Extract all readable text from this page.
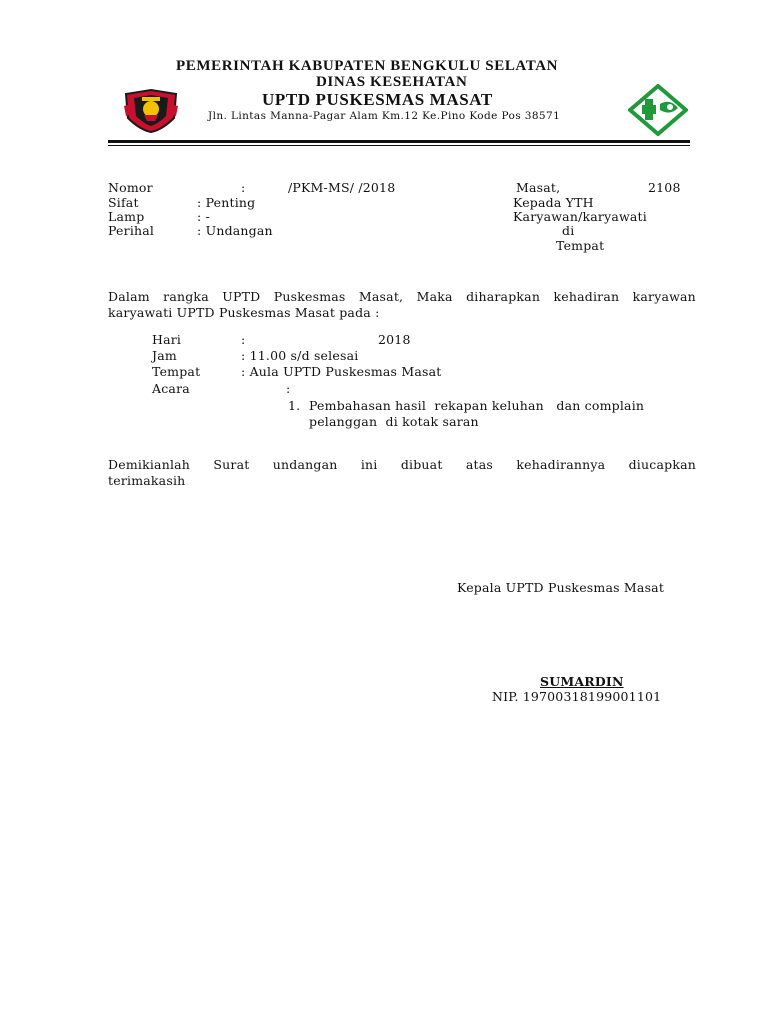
PEMERINTAH KABUPATEN BENGKULU SELATAN
DINAS KESEHATAN
UPTD PUSKESMAS MASAT
Jln. Lintas Manna-Pagar Alam Km.12 Ke.Pino Kode Pos 38571
Nomor	:	/PKM-MS/ /2018
Sifat	: Penting
Lamp	: -
Perihal	: Undangan
Masat,	2108
Kepada YTH
Karyawan/karyawati
di
Tempat
Dalam rangka UPTD Puskesmas Masat, Maka diharapkan kehadiran karyawan
karyawati UPTD Puskesmas Masat pada :
Hari	:	2018
Jam	: 11.00 s/d selesai
Tempat	: Aula UPTD Puskesmas Masat
Acara	:
1. Pembahasan hasil  rekapan keluhan   dan complain
pelanggan  di kotak saran
Demikianlah Surat undangan ini dibuat atas kehadirannya diucapkan
terimakasih
Kepala UPTD Puskesmas Masat
SUMARDIN
NIP. 19700318199001101
